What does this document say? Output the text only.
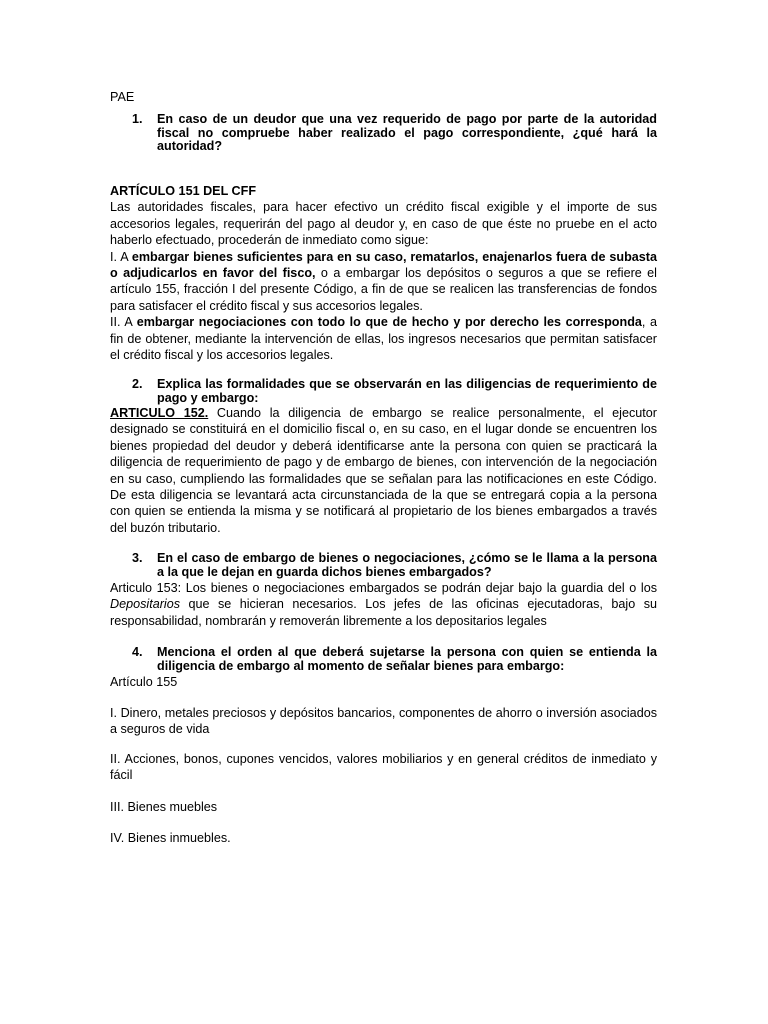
PAE
1. En caso de un deudor que una vez requerido de pago por parte de la autoridad fiscal no compruebe haber realizado el pago correspondiente, ¿qué hará la autoridad?

ARTÍCULO 151 DEL CFF

Las autoridades fiscales, para hacer efectivo un crédito fiscal exigible y el importe de sus accesorios legales, requerirán del pago al deudor y, en caso de que éste no pruebe en el acto haberlo efectuado, procederán de inmediato como sigue:

I. A embargar bienes suficientes para en su caso, rematarlos, enajenarlos fuera de subasta o adjudicarlos en favor del fisco, o a embargar los depósitos o seguros a que se refiere el artículo 155, fracción I del presente Código, a fin de que se realicen las transferencias de fondos para satisfacer el crédito fiscal y sus accesorios legales.

II. A embargar negociaciones con todo lo que de hecho y por derecho les corresponda, a fin de obtener, mediante la intervención de ellas, los ingresos necesarios que permitan satisfacer el crédito fiscal y los accesorios legales.

2. Explica las formalidades que se observarán en las diligencias de requerimiento de pago y embargo:
ARTICULO 152. Cuando la diligencia de embargo se realice personalmente, el ejecutor designado se constituirá en el domicilio fiscal o, en su caso, en el lugar donde se encuentren los bienes propiedad del deudor y deberá identificarse ante la persona con quien se practicará la diligencia de requerimiento de pago y de embargo de bienes, con intervención de la negociación en su caso, cumpliendo las formalidades que se señalan para las notificaciones en este Código. De esta diligencia se levantará acta circunstanciada de la que se entregará copia a la persona con quien se entienda la misma y se notificará al propietario de los bienes embargados a través del buzón tributario.
3. En el caso de embargo de bienes o negociaciones, ¿cómo se le llama a la persona a la que le dejan en guarda dichos bienes embargados?
Articulo 153: Los bienes o negociaciones embargados se podrán dejar bajo la guardia del o los Depositarios que se hicieran necesarios. Los jefes de las oficinas ejecutadoras, bajo su responsabilidad, nombrarán y removerán libremente a los depositarios legales
4. Menciona el orden al que deberá sujetarse la persona con quien se entienda la diligencia de embargo al momento de señalar bienes para embargo:
Artículo 155
I. Dinero, metales preciosos y depósitos bancarios, componentes de ahorro o inversión asociados a seguros de vida
II. Acciones, bonos, cupones vencidos, valores mobiliarios y en general créditos de inmediato y fácil
III. Bienes muebles
IV. Bienes inmuebles.
